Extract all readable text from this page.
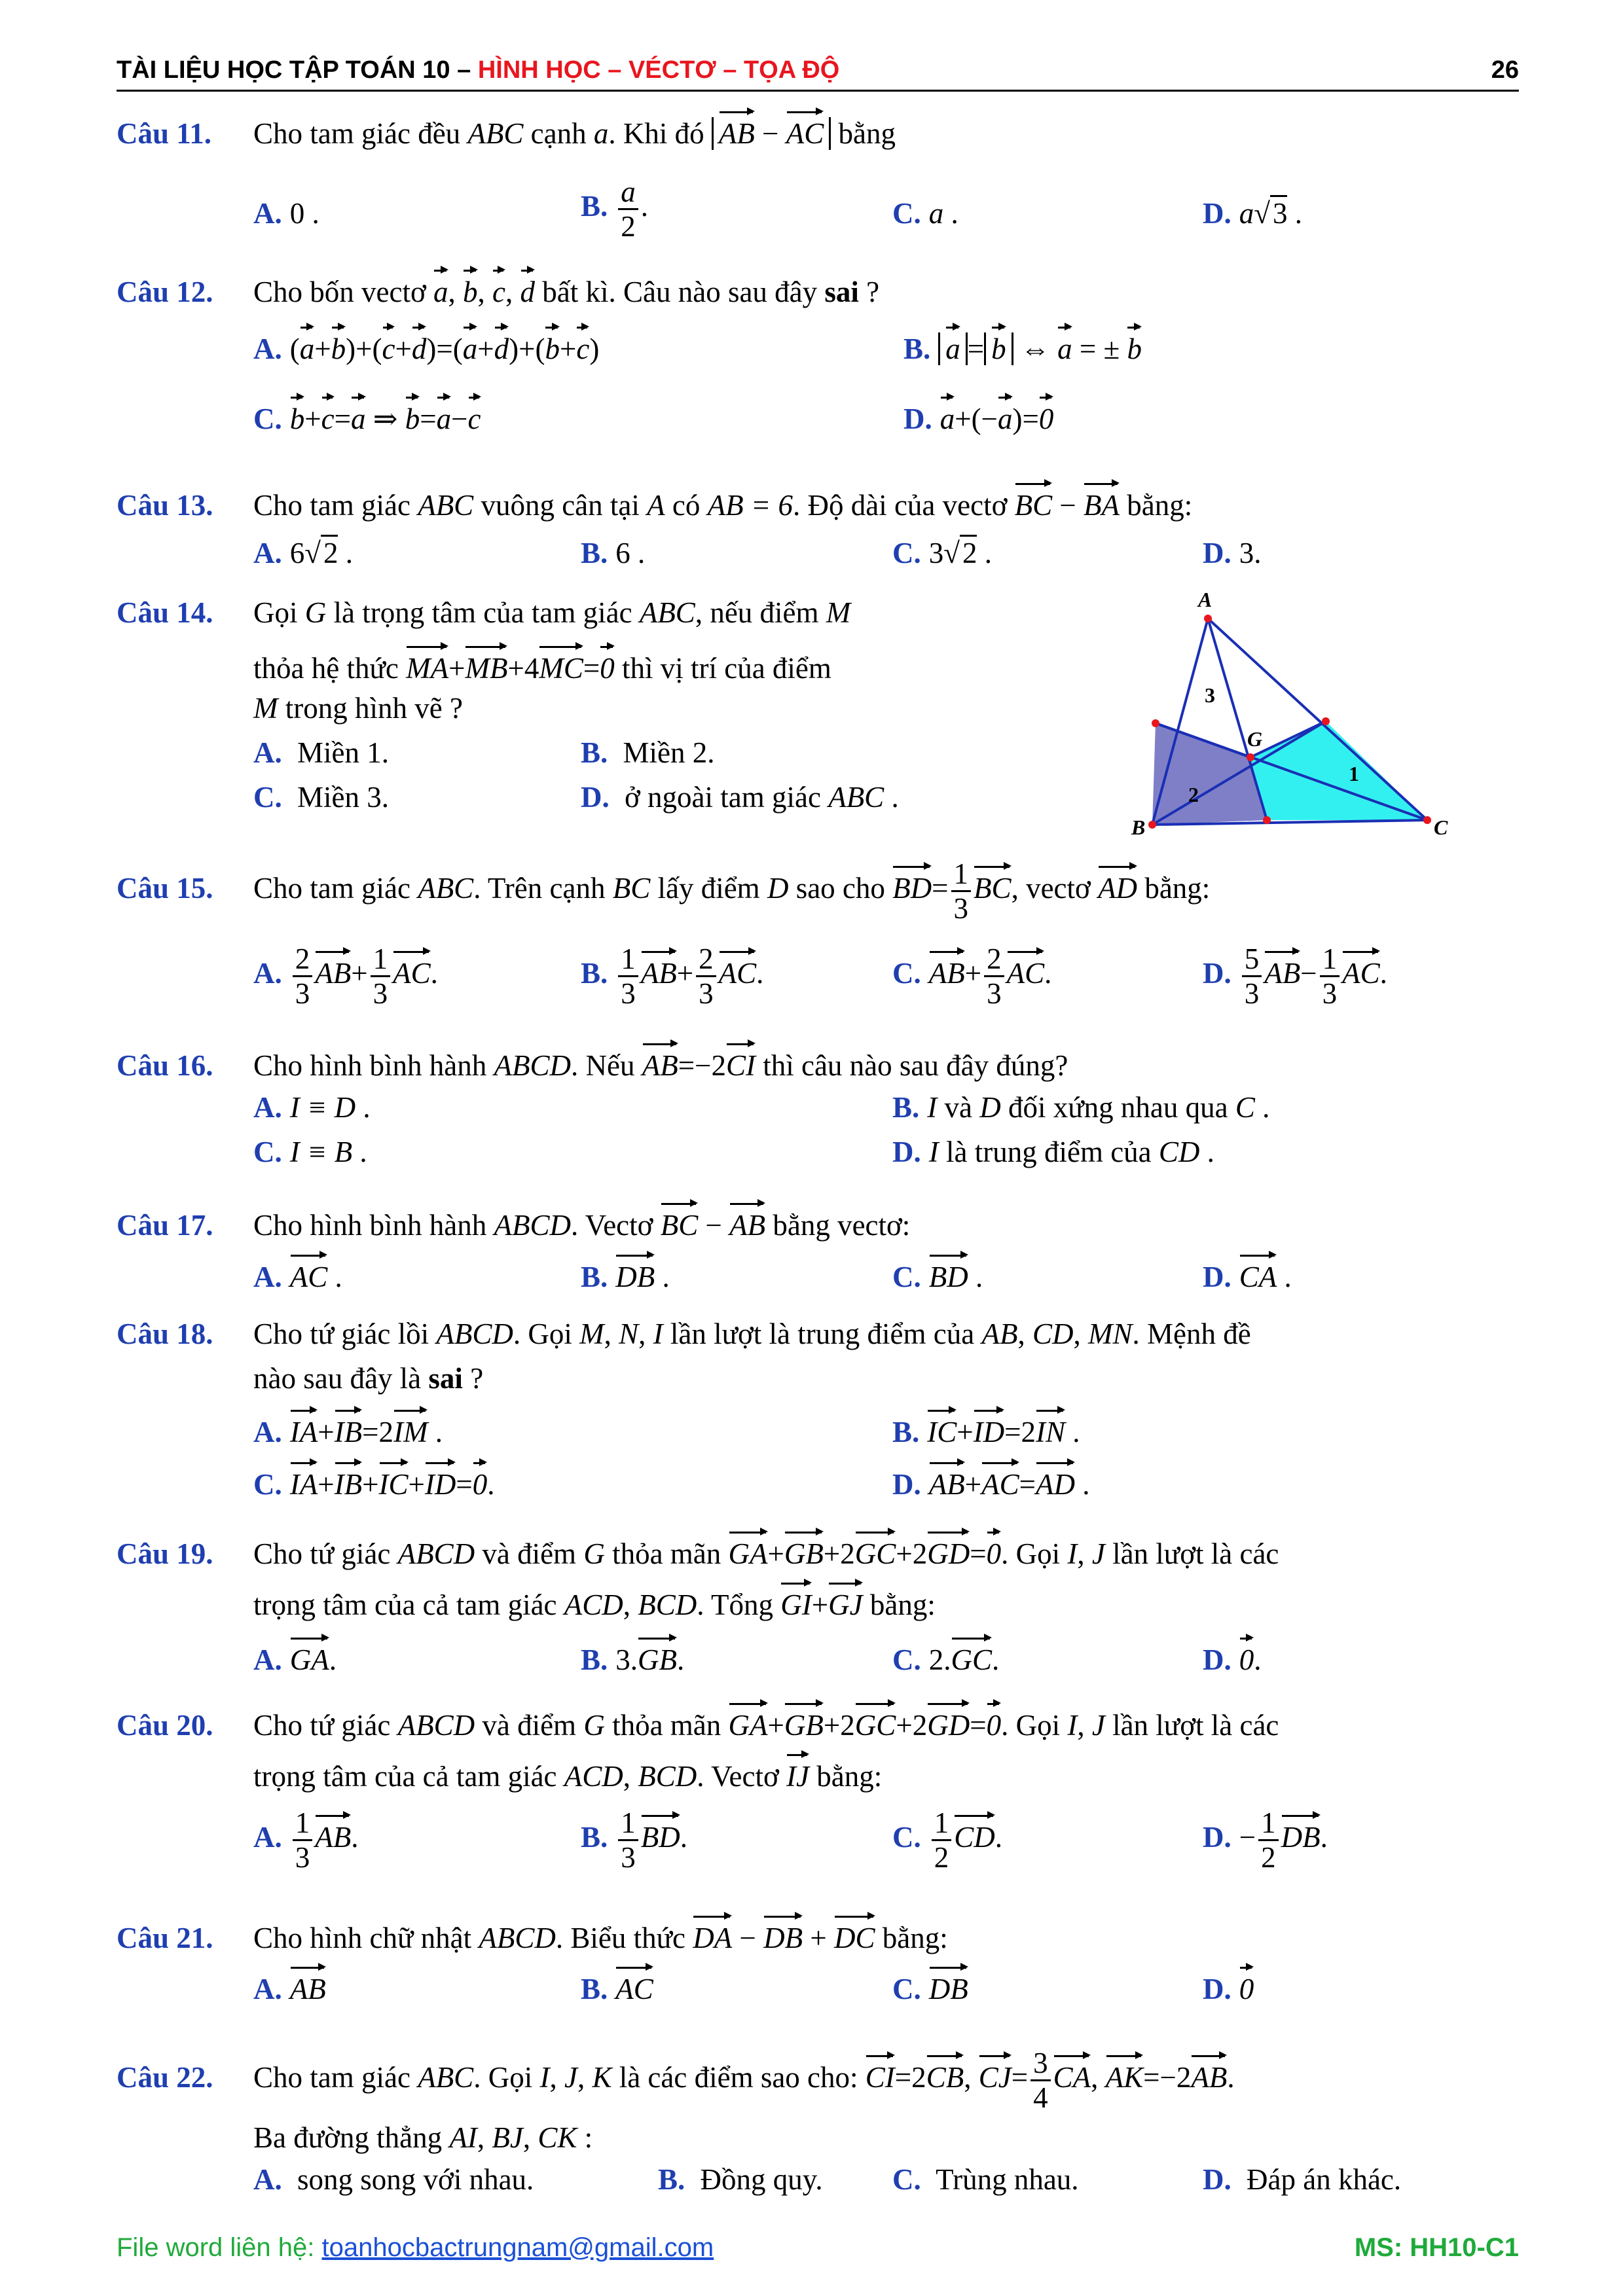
TÀI LIỆU HỌC TẬP TOÁN 10 – HÌNH HỌC – VÉCTƠ – TỌA ĐỘ	26
Câu 11. Cho tam giác đều ABC cạnh a. Khi đó AB − AC bằng
A. 0 .	B. $\frac{a}{2}$ .	C. a .	D. a√3 .
Câu 12. Cho bốn vectơ a, b, c, d bất kì. Câu nào sau đây sai ?
A. (a+b)+(c+d)=(a+d)+(b+c)	B. a = b ⇔ a = ± b
C. b+c=a ⇒ b=a−c	D. a+(−a)=0
Câu 13. Cho tam giác ABC vuông cân tại A có AB = 6. Độ dài của vectơ BC − BA bằng:
A. 6√2 .	B. 6 .	C. 3√2 .	D. 3.
Câu 14. Gọi G là trọng tâm của tam giác ABC, nếu điểm M
thỏa hệ thức MA+MB+4MC=0 thì vị trí của điểm
M trong hình vẽ ?
A. Miền 1.	B. Miền 2.
C. Miền 3.	D. ở ngoài tam giác ABC .
A
B	C
G
1
2
3
Câu 15. Cho tam giác ABC. Trên cạnh BC lấy điểm D sao cho $BD= \frac{1}{3}$ BC, vectơ AD bằng:
A. $\frac{2}{3} AB+ \frac{1}{3}$ AC.	B. $\frac{1}{3} AB+ \frac{2}{3}$ AC.	C. $AB+ \frac{2}{3}$ AC.	D. $\frac{5}{3} AB- \frac{1}{3}$ AC.
Câu 16. Cho hình bình hành ABCD. Nếu AB=−2CI thì câu nào sau đây đúng?
A. I ≡ D .	B. I và D đối xứng nhau qua C .
C. I ≡ B .	D. I là trung điểm của CD .
Câu 17. Cho hình bình hành ABCD. Vectơ BC − AB bằng vectơ:
A. AC .	B. DB .	C. BD .	D. CA .
Câu 18. Cho tứ giác lồi ABCD. Gọi M, N, I lần lượt là trung điểm của AB, CD, MN. Mệnh đề
nào sau đây là sai ?
A. IA+IB=2IM .	B. IC+ID=2IN .
C. IA+IB+IC+ID=0.	D. AB+AC=AD .
Câu 19. Cho tứ giác ABCD và điểm G thỏa mãn GA+GB+2GC+2GD=0. Gọi I, J lần lượt là các
trọng tâm của cả tam giác ACD, BCD. Tổng GI+GJ bằng:
A. GA.	B. 3.GB.	C. 2.GC.	D. 0.
Câu 20. Cho tứ giác ABCD và điểm G thỏa mãn GA+GB+2GC+2GD=0. Gọi I, J lần lượt là các
trọng tâm của cả tam giác ACD, BCD. Vectơ IJ bằng:
A. $\frac{1}{3}$ AB.	B. $\frac{1}{3}$ BD.	C. $\frac{1}{2}$ CD.	D. − $\frac{1}{2}$ DB.
Câu 21. Cho hình chữ nhật ABCD. Biểu thức DA − DB + DC bằng:
A. AB	B. AC	C. DB	D. 0
Câu 22. Cho tam giác ABC. Gọi I, J, K là các điểm sao cho: CI=2CB, $CJ= \frac{3}{4}$ CA, AK=−2AB.
Ba đường thẳng AI, BJ, CK :
A. song song với nhau.	B. Đồng quy. C. Trùng nhau.	D. Đáp án khác.
File word liên hệ: toanhocbactrungnam@gmail.com	MS: HH10-C1
